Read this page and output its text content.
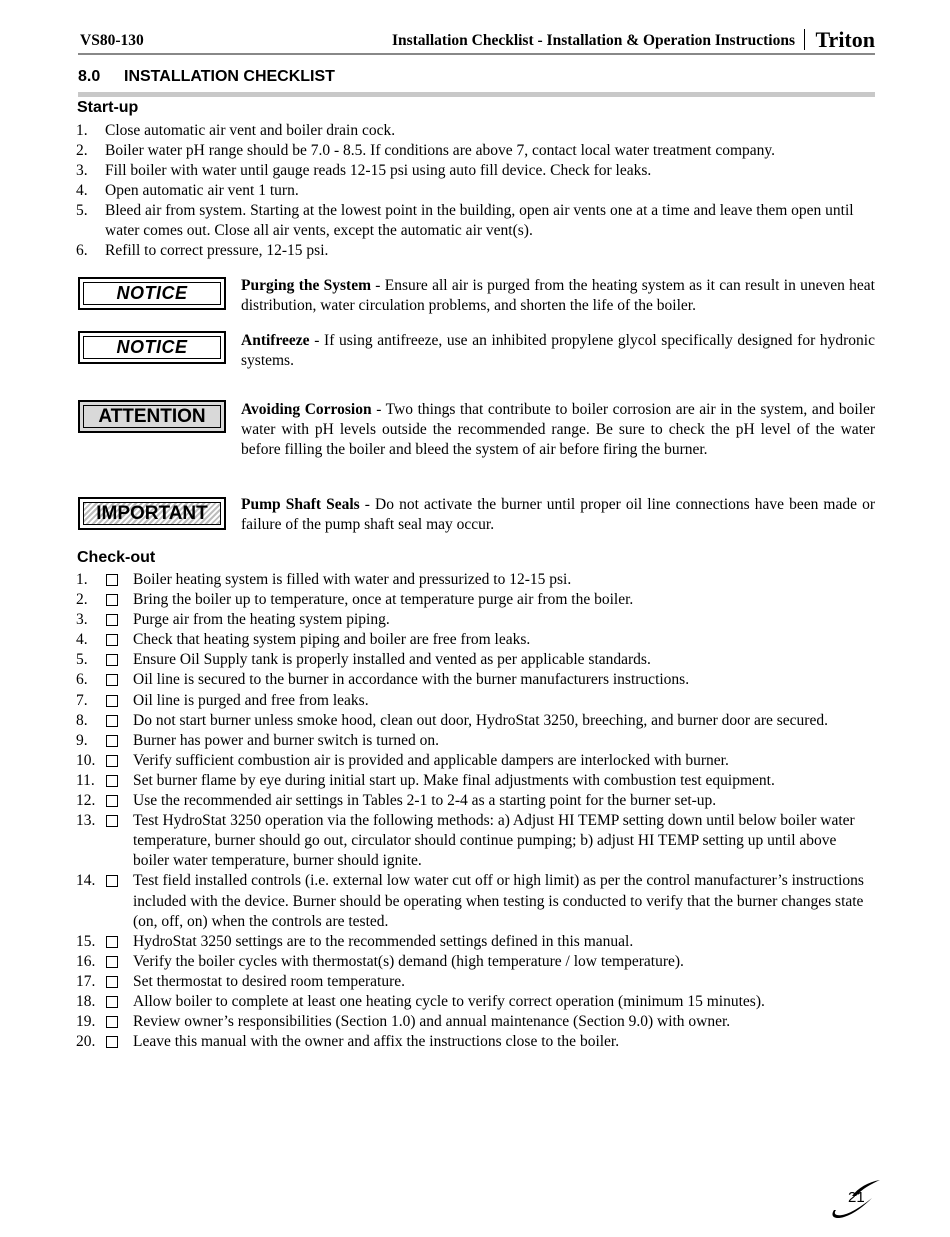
VS80-130	Installation Checklist - Installation & Operation Instructions Triton
8.0 INSTALLATION CHECKLIST
Start-up
1. Close automatic air vent and boiler drain cock.
2. Boiler water pH range should be 7.0 - 8.5. If conditions are above 7, contact local water treatment company.
3. Fill boiler with water until gauge reads 12-15 psi using auto fill device. Check for leaks.
4. Open automatic air vent 1 turn.
5. Bleed air from system. Starting at the lowest point in the building, open air vents one at a time and leave them open until water comes out. Close all air vents, except the automatic air vent(s).
6. Refill to correct pressure, 12-15 psi.
NOTICE	Purging the System - Ensure all air is purged from the heating system as it can result in uneven heat distribution, water circulation problems, and shorten the life of the boiler.
NOTICE	Antifreeze - If using antifreeze, use an inhibited propylene glycol specifically designed for hydronic systems.
ATTENTION	Avoiding Corrosion - Two things that contribute to boiler corrosion are air in the system, and boiler water with pH levels outside the recommended range. Be sure to check the pH level of the water before filling the boiler and bleed the system of air before firing the burner.
IMPORTANT	Pump Shaft Seals - Do not activate the burner until proper oil line connections have been made or failure of the pump shaft seal may occur.
Check-out
1.	Boiler heating system is filled with water and pressurized to 12-15 psi.
2.	Bring the boiler up to temperature, once at temperature purge air from the boiler.
3.	Purge air from the heating system piping.
4.	Check that heating system piping and boiler are free from leaks.
5.	Ensure Oil Supply tank is properly installed and vented as per applicable standards.
6.	Oil line is secured to the burner in accordance with the burner manufacturers instructions.
7.	Oil line is purged and free from leaks.
8.	Do not start burner unless smoke hood, clean out door, HydroStat 3250, breeching, and burner door are secured.
9.	Burner has power and burner switch is turned on.
10. Verify sufficient combustion air is provided and applicable dampers are interlocked with burner.
11. Set burner flame by eye during initial start up. Make final adjustments with combustion test equipment.
12. Use the recommended air settings in Tables 2-1 to 2-4 as a starting point for the burner set-up.
13. Test HydroStat 3250 operation via the following methods: a) Adjust HI TEMP setting down until below boiler water temperature, burner should go out, circulator should continue pumping; b) adjust HI TEMP setting up until above boiler water temperature, burner should ignite.
14. Test field installed controls (i.e. external low water cut off or high limit) as per the control manufacturer’s instructions included with the device. Burner should be operating when testing is conducted to verify that the burner changes state (on, off, on) when the controls are tested.
15. HydroStat 3250 settings are to the recommended settings defined in this manual.
16. Verify the boiler cycles with thermostat(s) demand (high temperature / low temperature).
17. Set thermostat to desired room temperature.
18. Allow boiler to complete at least one heating cycle to verify correct operation (minimum 15 minutes).
19. Review owner’s responsibilities (Section 1.0) and annual maintenance (Section 9.0) with owner.
20. Leave this manual with the owner and affix the instructions close to the boiler.
21
